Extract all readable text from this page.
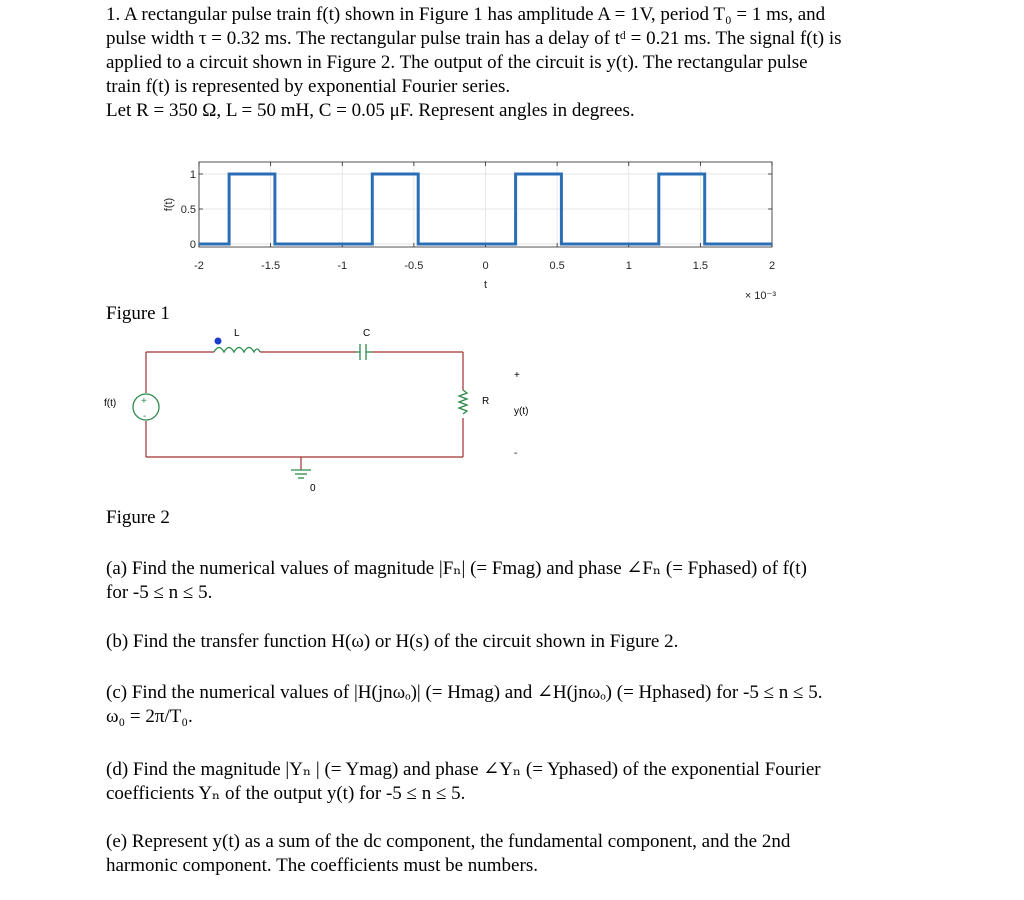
1. A rectangular pulse train f(t) shown in Figure 1 has amplitude A = 1V, period T₀ = 1 ms, and
pulse width τ = 0.32 ms. The rectangular pulse train has a delay of tᵈ = 0.21 ms. The signal f(t) is
applied to a circuit shown in Figure 2. The output of the circuit is y(t). The rectangular pulse
train f(t) is represented by exponential Fourier series.
Let R = 350 Ω, L = 50 mH, C = 0.05 μF. Represent angles in degrees.

-2	-1.5	-1	-0.5	0	0.5	1	1.5	2
0
0.5
1
t
f(t)
× 10⁻³
Figure 1
L	C
R
+
-
f(t)
+
y(t)
-
0
Figure 2

(a) Find the numerical values of magnitude |Fₙ| (= Fmag) and phase ∠Fₙ (= Fphased) of f(t)
for -5 ≤ n ≤ 5.

(b) Find the transfer function H(ω) or H(s) of the circuit shown in Figure 2.

(c) Find the numerical values of |H(jnωₒ)| (= Hmag) and ∠H(jnωₒ) (= Hphased) for -5 ≤ n ≤ 5.
ω₀ = 2π/T₀.

(d) Find the magnitude |Yₙ | (= Ymag) and phase ∠Yₙ (= Yphased) of the exponential Fourier
coefficients Yₙ of the output y(t) for -5 ≤ n ≤ 5.

(e) Represent y(t) as a sum of the dc component, the fundamental component, and the 2nd
harmonic component. The coefficients must be numbers.
